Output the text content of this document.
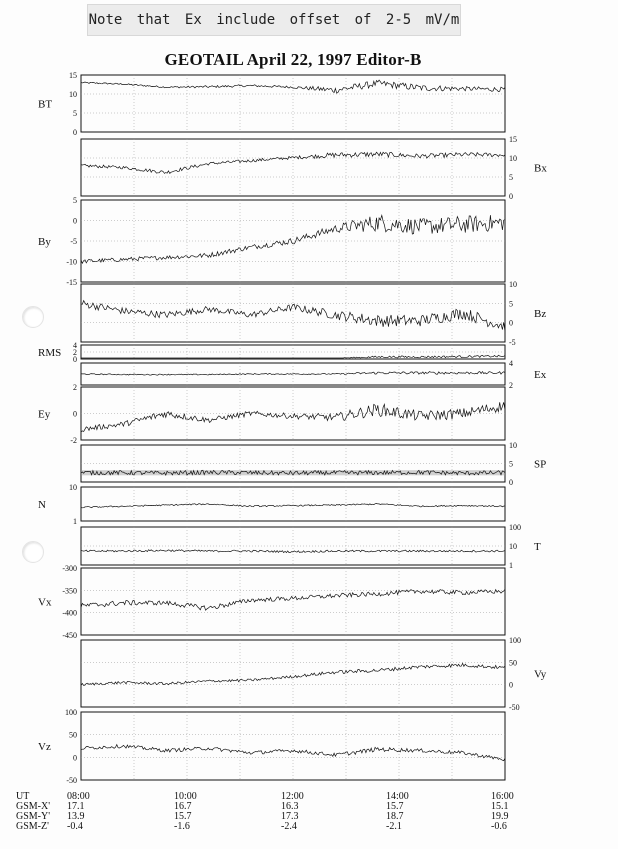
Note that Ex include offset of 2-5 mV/m
GEOTAIL April 22, 1997 Editor-B
15
10
5
0
BT
15
10
5
0
Bx
5
0
-5
-10
-15
By
10
5
0
-5
Bz
4
2
0
RMS
4
2
Ex
2
0
-2
Ey
10
5
0
SP
10
1
N
100
10
1
T
-300
-350
-400
-450
Vx
100
50
0
-50
Vy
100
50
0
-50
Vz
UT	08:00	10:00	12:00	14:00	16:00
GSM-X' 17.1	16.7	16.3	15.7	15.1
GSM-Y' 13.9	15.7	17.3	18.7	19.9
GSM-Z' -0.4	-1.6	-2.4	-2.1	-0.6
